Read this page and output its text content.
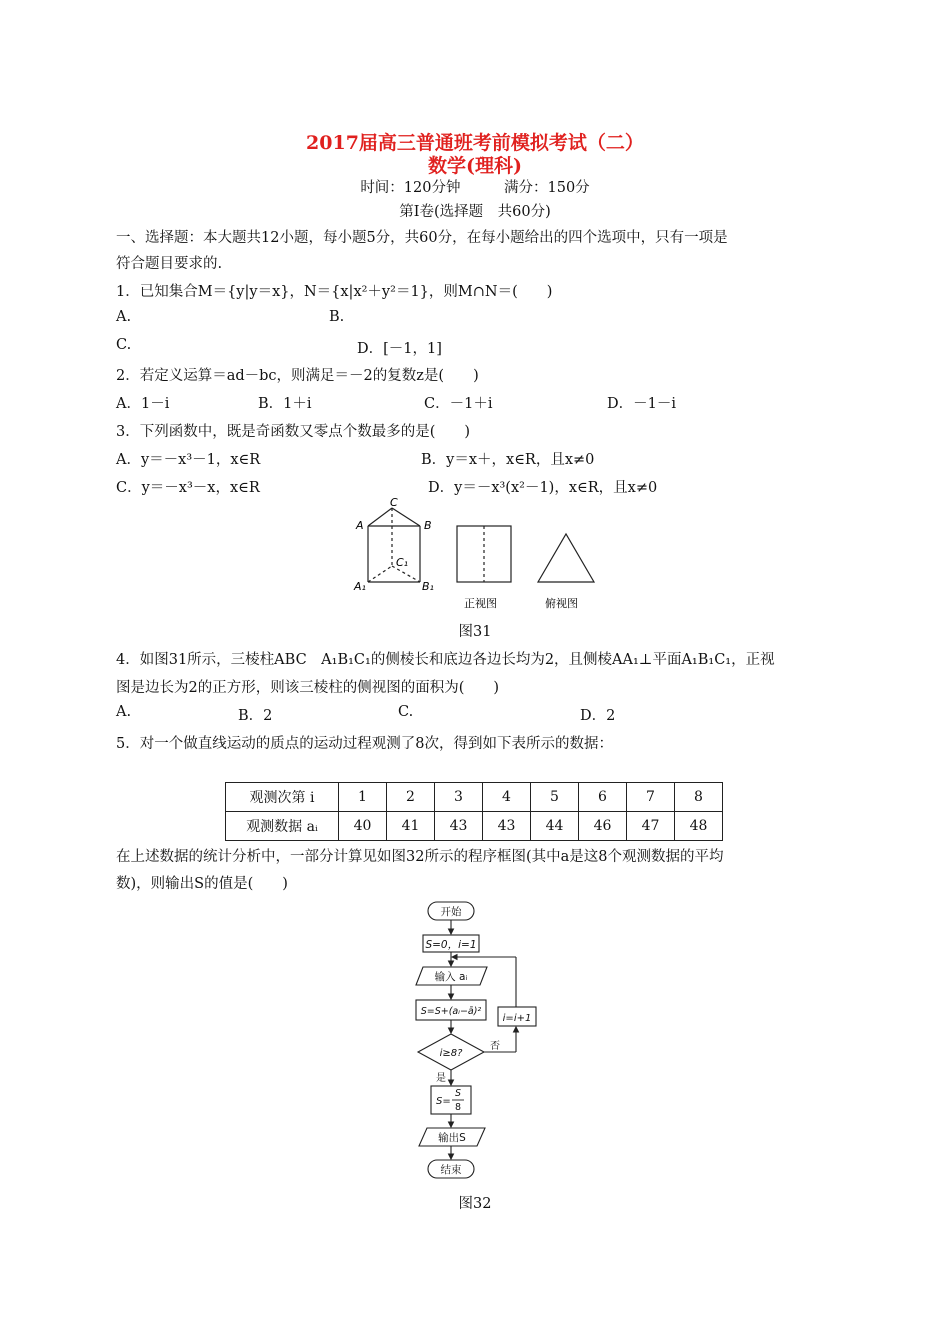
2017届高三普通班考前模拟考试（二）
数学(理科)
时间：120分钟　　　满分：150分
第Ⅰ卷(选择题　共60分)
一、选择题：本大题共12小题，每小题5分，共60分，在每小题给出的四个选项中，只有一项是
符合题目要求的.
1．已知集合M＝{y|y＝x}，N＝{x|x²＋y²＝1}，则M∩N＝(　　)
A.	B.
C.	D．[－1，1]
2．若定义运算＝ad－bc，则满足＝－2的复数z是(　　)
A．1－i	B．1＋i	C．－1＋i	D．－1－i
3．下列函数中，既是奇函数又零点个数最多的是(　　)
A．y＝－x³－1，x∈R	B．y＝x＋，x∈R，且x≠0
C．y＝－x³－x，x∈R	D．y＝－x³(x²－1)，x∈R，且x≠0
C
A	B
C₁
A₁	B₁
正视图	俯视图
图31
4．如图31所示，三棱柱ABC　A₁B₁C₁的侧棱长和底边各边长均为2，且侧棱AA₁⊥平面A₁B₁C₁，正视
图是边长为2的正方形，则该三棱柱的侧视图的面积为(　　)
A.	B．2	C.	D．2
5．对一个做直线运动的质点的运动过程观测了8次，得到如下表所示的数据：
观测次第 i	1	2	3	4	5	6	7	8
观测数据 aᵢ	40	41	43	43	44	46	47	48
在上述数据的统计分析中，一部分计算见如图32所示的程序框图(其中a是这8个观测数据的平均
数)，则输出S的值是(　　)
开始
S=0，i=1
输入 aᵢ
S=S+(aᵢ−ā)²
i=i+1
i≥8?
否
是
S=
S
8
输出S
结束
图32
